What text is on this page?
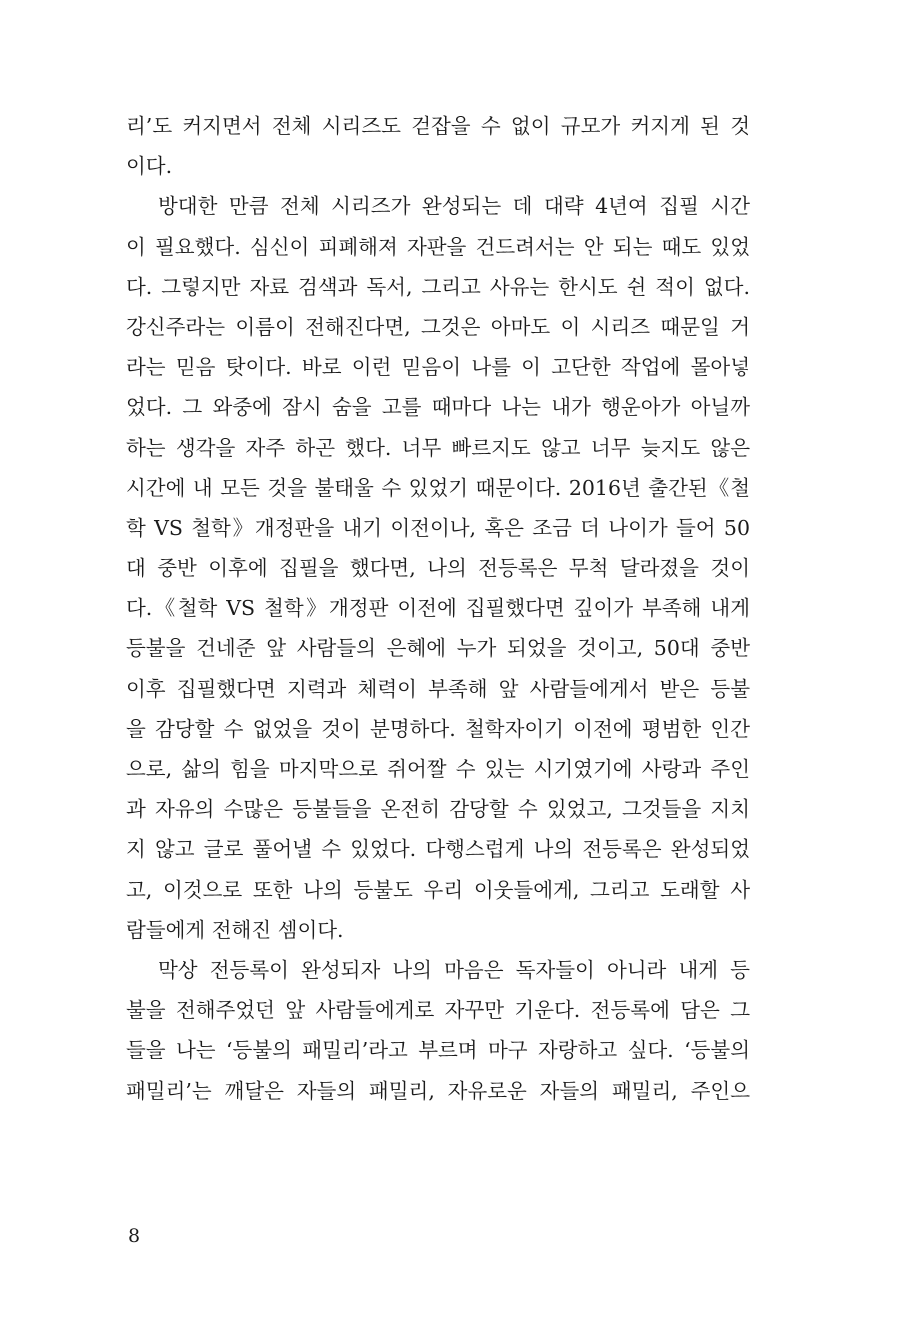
리’도 커지면서 전체 시리즈도 걷잡을 수 없이 규모가 커지게 된 것
이다.
방대한 만큼 전체 시리즈가 완성되는 데 대략 4년여 집필 시간
이 필요했다. 심신이 피폐해져 자판을 건드려서는 안 되는 때도 있었
다. 그렇지만 자료 검색과 독서, 그리고 사유는 한시도 쉰 적이 없다.
강신주라는 이름이 전해진다면, 그것은 아마도 이 시리즈 때문일 거
라는 믿음 탓이다. 바로 이런 믿음이 나를 이 고단한 작업에 몰아넣
었다. 그 와중에 잠시 숨을 고를 때마다 나는 내가 행운아가 아닐까
하는 생각을 자주 하곤 했다. 너무 빠르지도 않고 너무 늦지도 않은
시간에 내 모든 것을 불태울 수 있었기 때문이다. 2016년 출간된《철
학 VS 철학》개정판을 내기 이전이나, 혹은 조금 더 나이가 들어 50
대 중반 이후에 집필을 했다면, 나의 전등록은 무척 달라졌을 것이
다.《철학 VS 철학》개정판 이전에 집필했다면 깊이가 부족해 내게
등불을 건네준 앞 사람들의 은혜에 누가 되었을 것이고, 50대 중반
이후 집필했다면 지력과 체력이 부족해 앞 사람들에게서 받은 등불
을 감당할 수 없었을 것이 분명하다. 철학자이기 이전에 평범한 인간
으로, 삶의 힘을 마지막으로 쥐어짤 수 있는 시기였기에 사랑과 주인
과 자유의 수많은 등불들을 온전히 감당할 수 있었고, 그것들을 지치
지 않고 글로 풀어낼 수 있었다. 다행스럽게 나의 전등록은 완성되었
고, 이것으로 또한 나의 등불도 우리 이웃들에게, 그리고 도래할 사
람들에게 전해진 셈이다.
막상 전등록이 완성되자 나의 마음은 독자들이 아니라 내게 등
불을 전해주었던 앞 사람들에게로 자꾸만 기운다. 전등록에 담은 그
들을 나는 ‘등불의 패밀리’라고 부르며 마구 자랑하고 싶다. ‘등불의
패밀리’는 깨달은 자들의 패밀리, 자유로운 자들의 패밀리, 주인으
8
